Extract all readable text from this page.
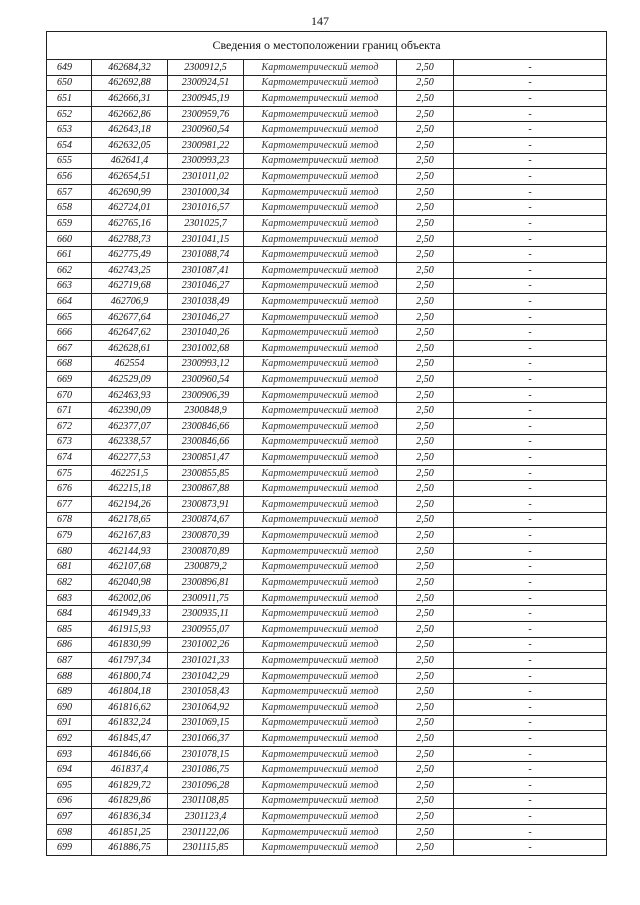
147
Сведения о местоположении границ объекта					
649	462684,32	2300912,5	Картометрический метод	2,50	-
650	462692,88	2300924,51	Картометрический метод	2,50	-
651	462666,31	2300945,19	Картометрический метод	2,50	-
652	462662,86	2300959,76	Картометрический метод	2,50	-
653	462643,18	2300960,54	Картометрический метод	2,50	-
654	462632,05	2300981,22	Картометрический метод	2,50	-
655	462641,4	2300993,23	Картометрический метод	2,50	-
656	462654,51	2301011,02	Картометрический метод	2,50	-
657	462690,99	2301000,34	Картометрический метод	2,50	-
658	462724,01	2301016,57	Картометрический метод	2,50	-
659	462765,16	2301025,7	Картометрический метод	2,50	-
660	462788,73	2301041,15	Картометрический метод	2,50	-
661	462775,49	2301088,74	Картометрический метод	2,50	-
662	462743,25	2301087,41	Картометрический метод	2,50	-
663	462719,68	2301046,27	Картометрический метод	2,50	-
664	462706,9	2301038,49	Картометрический метод	2,50	-
665	462677,64	2301046,27	Картометрический метод	2,50	-
666	462647,62	2301040,26	Картометрический метод	2,50	-
667	462628,61	2301002,68	Картометрический метод	2,50	-
668	462554	2300993,12	Картометрический метод	2,50	-
669	462529,09	2300960,54	Картометрический метод	2,50	-
670	462463,93	2300906,39	Картометрический метод	2,50	-
671	462390,09	2300848,9	Картометрический метод	2,50	-
672	462377,07	2300846,66	Картометрический метод	2,50	-
673	462338,57	2300846,66	Картометрический метод	2,50	-
674	462277,53	2300851,47	Картометрический метод	2,50	-
675	462251,5	2300855,85	Картометрический метод	2,50	-
676	462215,18	2300867,88	Картометрический метод	2,50	-
677	462194,26	2300873,91	Картометрический метод	2,50	-
678	462178,65	2300874,67	Картометрический метод	2,50	-
679	462167,83	2300870,39	Картометрический метод	2,50	-
680	462144,93	2300870,89	Картометрический метод	2,50	-
681	462107,68	2300879,2	Картометрический метод	2,50	-
682	462040,98	2300896,81	Картометрический метод	2,50	-
683	462002,06	2300911,75	Картометрический метод	2,50	-
684	461949,33	2300935,11	Картометрический метод	2,50	-
685	461915,93	2300955,07	Картометрический метод	2,50	-
686	461830,99	2301002,26	Картометрический метод	2,50	-
687	461797,34	2301021,33	Картометрический метод	2,50	-
688	461800,74	2301042,29	Картометрический метод	2,50	-
689	461804,18	2301058,43	Картометрический метод	2,50	-
690	461816,62	2301064,92	Картометрический метод	2,50	-
691	461832,24	2301069,15	Картометрический метод	2,50	-
692	461845,47	2301066,37	Картометрический метод	2,50	-
693	461846,66	2301078,15	Картометрический метод	2,50	-
694	461837,4	2301086,75	Картометрический метод	2,50	-
695	461829,72	2301096,28	Картометрический метод	2,50	-
696	461829,86	2301108,85	Картометрический метод	2,50	-
697	461836,34	2301123,4	Картометрический метод	2,50	-
698	461851,25	2301122,06	Картометрический метод	2,50	-
699	461886,75	2301115,85	Картометрический метод	2,50	-
